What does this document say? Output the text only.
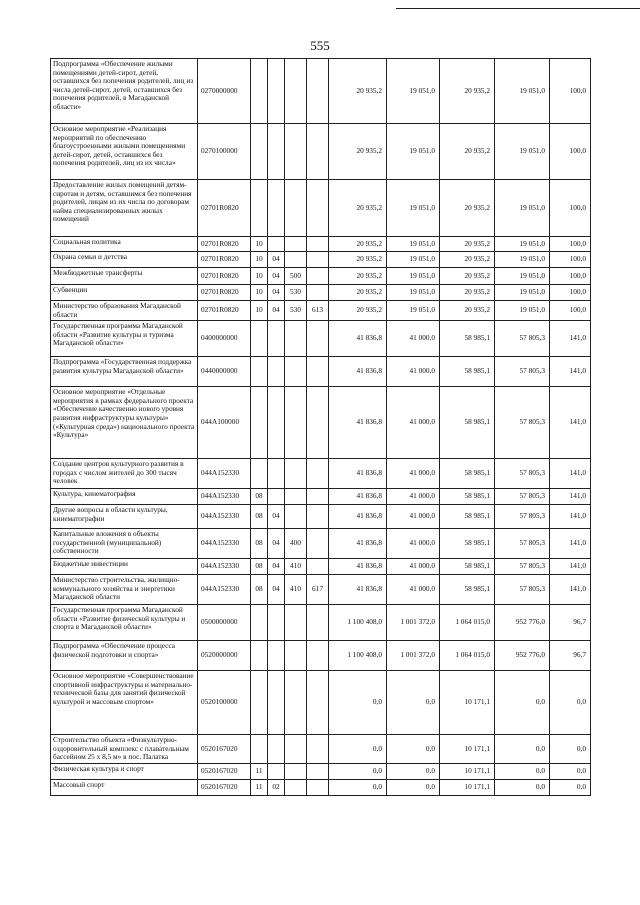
555
Подпрограмма «Обеспечение жилыми помещениями детей-сирот, детей, оставшихся без попечения родителей, лиц из числа детей-сирот, детей, оставшихся без попечения родителей, в Магаданской области»	0270000000					20 935,2	19 051,0	20 935,2	19 051,0	100,0
Основное мероприятие «Реализация мероприятий по обеспечению благоустроенными жилыми помещениями детей-сирот, детей, оставшихся без попечения родителей, лиц из их числа»	0270100000					20 935,2	19 051,0	20 935,2	19 051,0	100,0
Предоставление жилых помещений детям-сиротам и детям, оставшимся без попечения родителей, лицам из их числа по договорам найма специализированных жилых помещений	02701R0820					20 935,2	19 051,0	20 935,2	19 051,0	100,0
Социальная политика	02701R0820	10				20 935,2	19 051,0	20 935,2	19 051,0	100,0
Охрана семьи и детства	02701R0820	10	04			20 935,2	19 051,0	20 935,2	19 051,0	100,0
Межбюджетные трансферты	02701R0820	10	04	500		20 935,2	19 051,0	20 935,2	19 051,0	100,0
Субвенции	02701R0820	10	04	530		20 935,2	19 051,0	20 935,2	19 051,0	100,0
Министерство образования Магаданской области	02701R0820	10	04	530	613	20 935,2	19 051,0	20 935,2	19 051,0	100,0
Государственная программа Магаданской области «Развитие культуры и туризма Магаданской области»	0400000000					41 836,8	41 000,0	58 985,1	57 805,3	141,0
Подпрограмма «Государственная поддержка развития культуры Магаданской области»	0440000000					41 836,8	41 000,0	58 985,1	57 805,3	141,0
Основное мероприятие «Отдельные мероприятия в рамках федерального проекта «Обеспечение качественно нового уровня развития инфраструктуры культуры» («Культурная среда») национального проекта «Культура»	044A100000					41 836,8	41 000,0	58 985,1	57 805,3	141,0
Создание центров культурного развития в городах с числом жителей до 300 тысяч человек	044A152330					41 836,8	41 000,0	58 985,1	57 805,3	141,0
Культура, кинематография	044A152330	08				41 836,8	41 000,0	58 985,1	57 805,3	141,0
Другие вопросы в области культуры, кинематографии	044A152330	08	04			41 836,8	41 000,0	58 985,1	57 805,3	141,0
Капитальные вложения в объекты государственной (муниципальной) собственности	044A152330	08	04	400		41 836,8	41 000,0	58 985,1	57 805,3	141,0
Бюджетные инвестиции	044A152330	08	04	410		41 836,8	41 000,0	58 985,1	57 805,3	141,0
Министерство строительства, жилищно-коммунального хозяйства и энергетики Магаданской области	044A152330	08	04	410	617	41 836,8	41 000,0	58 985,1	57 805,3	141,0
Государственная программа Магаданской области «Развитие физической культуры и спорта в Магаданской области»	0500000000					1 100 408,0	1 001 372,0	1 064 015,0	952 776,0	96,7
Подпрограмма «Обеспечение процесса физической подготовки и спорта»	0520000000					1 100 408,0	1 001 372,0	1 064 015,0	952 776,0	96,7
Основное мероприятие «Совершенствование спортивной инфраструктуры и материально-технической базы для занятий физической культурой и массовым спортом»	0520100000					0,0	0,0	10 171,1	0,0	0,0
Строительство объекта «Физкультурно-оздоровительный комплекс с плавательным бассейном 25 х 8,5 м» в пос. Палатка	0520167020					0,0	0,0	10 171,1	0,0	0,0
Физическая культура и спорт	0520167020	11				0,0	0,0	10 171,1	0,0	0,0
Массовый спорт	0520167020	11	02			0,0	0,0	10 171,1	0,0	0,0
